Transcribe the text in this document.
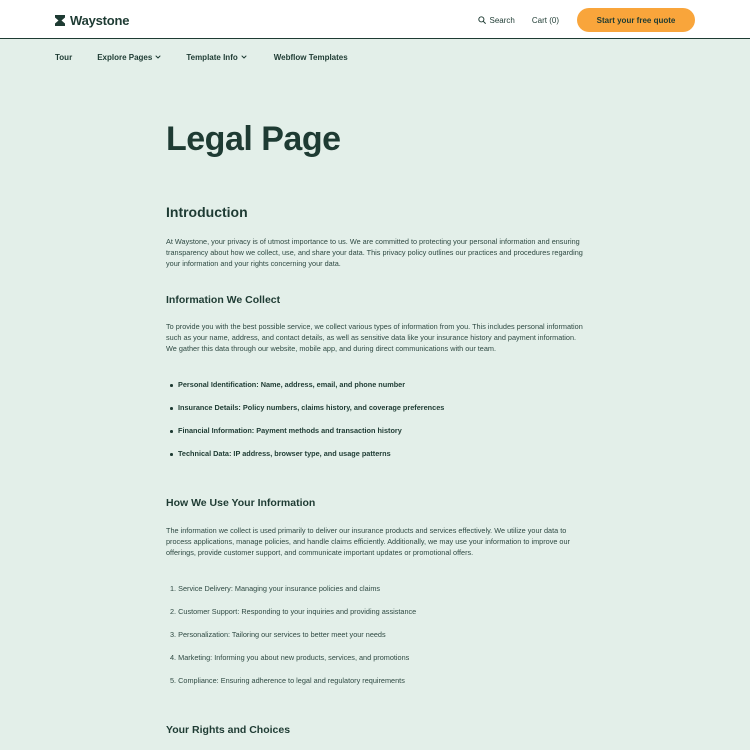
Waystone	Search Cart (0)	Start your free quote
Tour	Explore Pages	Template Info	Webflow Templates
Legal Page
Introduction

At Waystone, your privacy is of utmost importance to us. We are committed to protecting your personal information and ensuring transparency about how we collect, use, and share your data. This privacy policy outlines our practices and procedures regarding your information and your rights concerning your data.

Information We Collect

To provide you with the best possible service, we collect various types of information from you. This includes personal information such as your name, address, and contact details, as well as sensitive data like your insurance history and payment information. We gather this data through our website, mobile app, and during direct communications with our team.

Personal Identification: Name, address, email, and phone number
Insurance Details: Policy numbers, claims history, and coverage preferences
Financial Information: Payment methods and transaction history
Technical Data: IP address, browser type, and usage patterns
How We Use Your Information

The information we collect is used primarily to deliver our insurance products and services effectively. We utilize your data to process applications, manage policies, and handle claims efficiently. Additionally, we may use your information to improve our offerings, provide customer support, and communicate important updates or promotional offers.

1. Service Delivery: Managing your insurance policies and claims
2. Customer Support: Responding to your inquiries and providing assistance
3. Personalization: Tailoring our services to better meet your needs
4. Marketing: Informing you about new products, services, and promotions
5. Compliance: Ensuring adherence to legal and regulatory requirements
Your Rights and Choices
